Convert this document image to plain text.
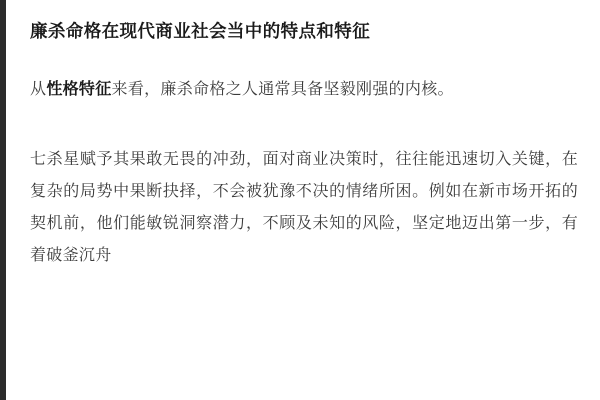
廉杀命格在现代商业社会当中的特点和特征

从性格特征来看，廉杀命格之人通常具备坚毅刚强的内核。

七杀星赋予其果敢无畏的冲劲，面对商业决策时，往往能迅速切入关键，在复杂的局势中果断抉择，不会被犹豫不决的情绪所困。例如在新市场开拓的契机前，他们能敏锐洞察潜力，不顾及未知的风险，坚定地迈出第一步，有着破釜沉舟
